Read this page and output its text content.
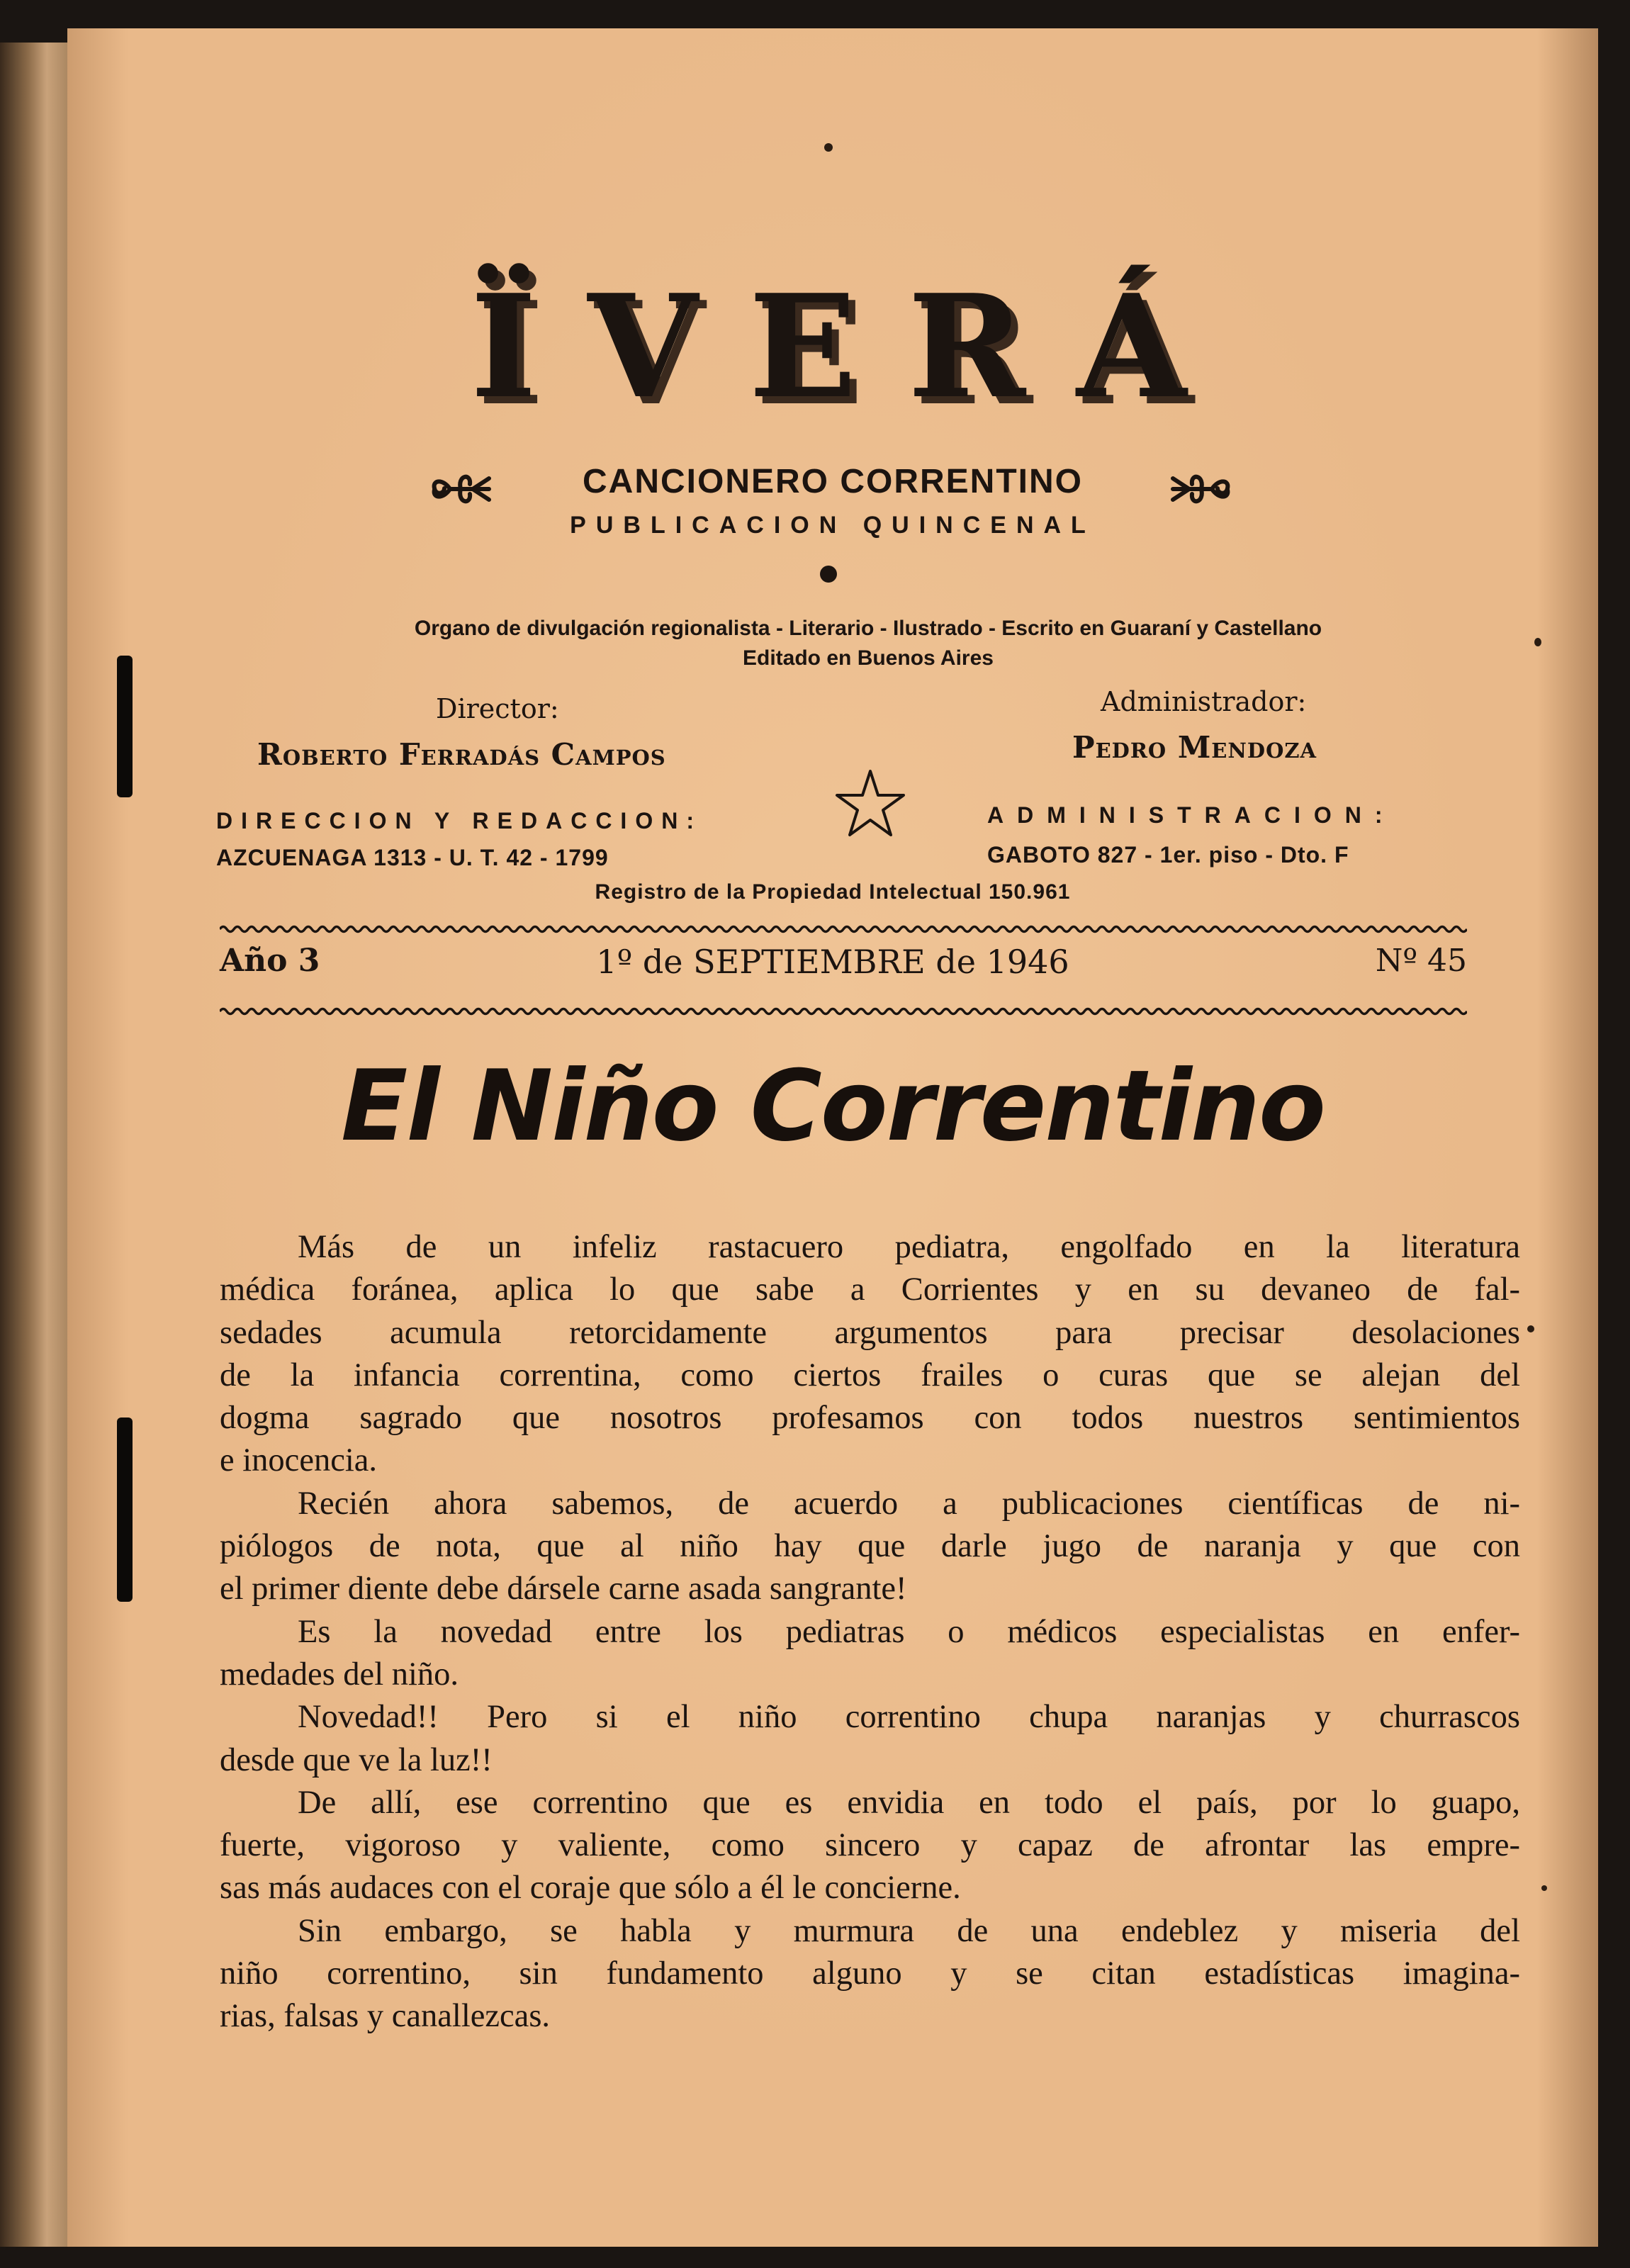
ÏVERÁ
CANCIONERO CORRENTINO
PUBLICACION QUINCENAL
Organo de divulgación regionalista - Literario - Ilustrado - Escrito en Guaraní y Castellano
Editado en Buenos Aires
Director:
Roberto Ferradás Campos
Administrador:
Pedro Mendoza
DIRECCION Y REDACCION:
AZCUENAGA 1313 - U. T. 42 - 1799
ADMINISTRACION:
GABOTO 827 - 1er. piso - Dto. F
Registro de la Propiedad Intelectual 150.961
Año 3	1º de SEPTIEMBRE de 1946	Nº 45
El Niño Correntino
Más de un infeliz rastacuero pediatra, engolfado en la literatura
médica foránea, aplica lo que sabe a Corrientes y en su devaneo de fal-
sedades acumula retorcidamente argumentos para precisar desolaciones
de la infancia correntina, como ciertos frailes o curas que se alejan del
dogma sagrado que nosotros profesamos con todos nuestros sentimientos
e inocencia.
Recién ahora sabemos, de acuerdo a publicaciones científicas de ni-
piólogos de nota, que al niño hay que darle jugo de naranja y que con
el primer diente debe dársele carne asada sangrante!
Es la novedad entre los pediatras o médicos especialistas en enfer-
medades del niño.
Novedad!! Pero si el niño correntino chupa naranjas y churrascos
desde que ve la luz!!
De allí, ese correntino que es envidia en todo el país, por lo guapo,
fuerte, vigoroso y valiente, como sincero y capaz de afrontar las empre-
sas más audaces con el coraje que sólo a él le concierne.
Sin embargo, se habla y murmura de una endeblez y miseria del
niño correntino, sin fundamento alguno y se citan estadísticas imagina-
rias, falsas y canallezcas.
